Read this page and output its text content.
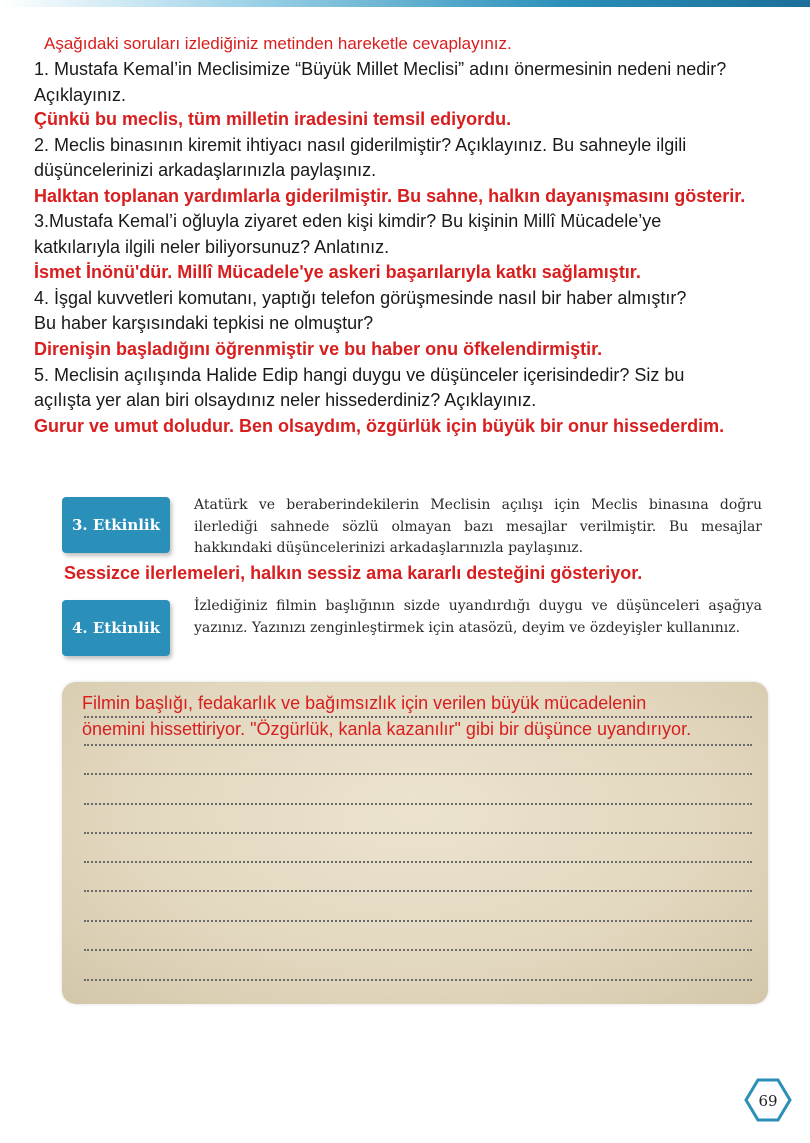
Aşağıdaki soruları izlediğiniz metinden hareketle cevaplayınız.
1. Mustafa Kemal’in Meclisimize “Büyük Millet Meclisi” adını önermesinin nedeni nedir?
Açıklayınız.
Çünkü bu meclis, tüm milletin iradesini temsil ediyordu.
2. Meclis binasının kiremit ihtiyacı nasıl giderilmiştir? Açıklayınız. Bu sahneyle ilgili
düşüncelerinizi arkadaşlarınızla paylaşınız.
Halktan toplanan yardımlarla giderilmiştir. Bu sahne, halkın dayanışmasını gösterir.
3.Mustafa Kemal’i oğluyla ziyaret eden kişi kimdir? Bu kişinin Millî Mücadele’ye
katkılarıyla ilgili neler biliyorsunuz? Anlatınız.
İsmet İnönü'dür. Millî Mücadele'ye askeri başarılarıyla katkı sağlamıştır.
4. İşgal kuvvetleri komutanı, yaptığı telefon görüşmesinde nasıl bir haber almıştır?
Bu haber karşısındaki tepkisi ne olmuştur?
Direnişin başladığını öğrenmiştir ve bu haber onu öfkelendirmiştir.
5. Meclisin açılışında Halide Edip hangi duygu ve düşünceler içerisindedir? Siz bu
açılışta yer alan biri olsaydınız neler hissederdiniz? Açıklayınız.
Gurur ve umut doludur. Ben olsaydım, özgürlük için büyük bir onur hissederdim.
3. Etkinlik

Atatürk ve beraberindekilerin Meclisin açılışı için Meclis binasına doğru ilerlediği sahnede sözlü olmayan bazı mesajlar verilmiştir. Bu mesajlar hakkındaki düşüncelerinizi arkadaşlarınızla paylaşınız.

Sessizce ilerlemeleri, halkın sessiz ama kararlı desteğini gösteriyor.
4. Etkinlik

İzlediğiniz filmin başlığının sizde uyandırdığı duygu ve düşünceleri aşağıya yazınız. Yazınızı zenginleştirmek için atasözü, deyim ve özdeyişler kullanınız.

Filmin başlığı, fedakarlık ve bağımsızlık için verilen büyük mücadelenin
önemini hissettiriyor. "Özgürlük, kanla kazanılır" gibi bir düşünce uyandırıyor.
69
